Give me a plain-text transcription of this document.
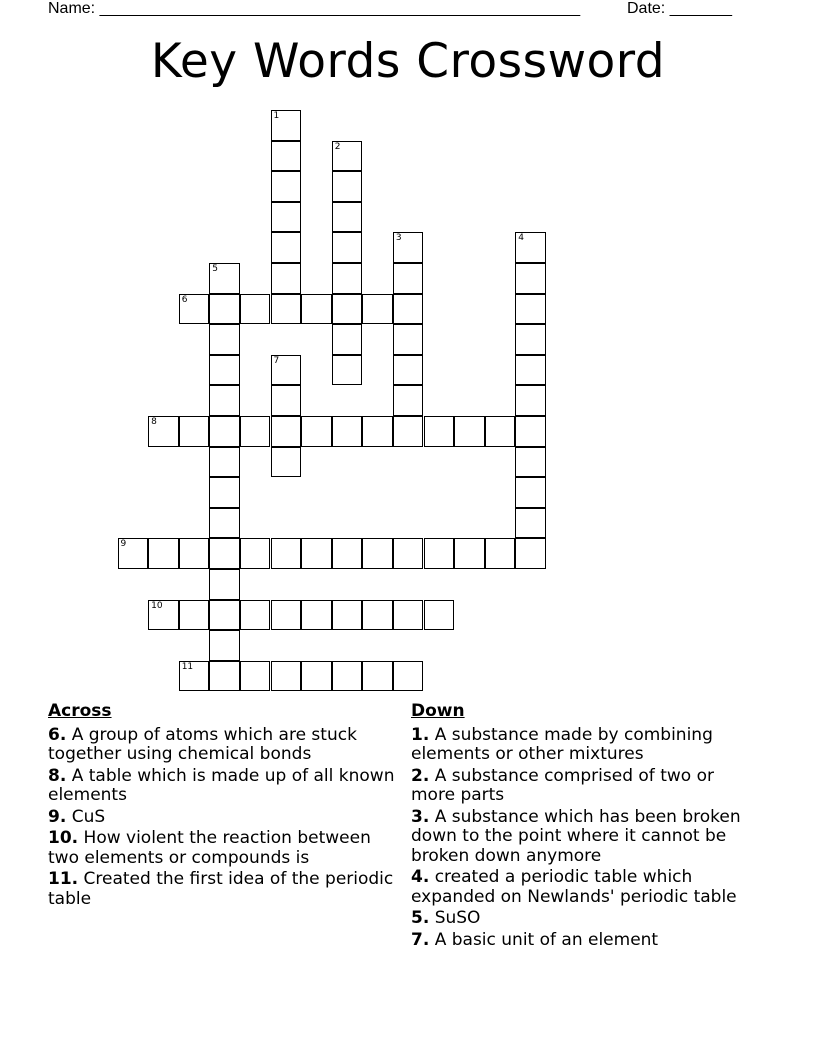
Name: ______________________________________________________	Date: _______
Key Words Crossword
1
2
3	4
5
6
7
8
9
10
11
Across
6. A group of atoms which are stuck together using chemical bonds
8. A table which is made up of all known elements
9. CuS
10. How violent the reaction between two elements or compounds is
11. Created the first idea of the periodic table
Down
1. A substance made by combining elements or other mixtures
2. A substance comprised of two or more parts
3. A substance which has been broken down to the point where it cannot be broken down anymore
4. created a periodic table which expanded on Newlands' periodic table
5. SuSO
7. A basic unit of an element
